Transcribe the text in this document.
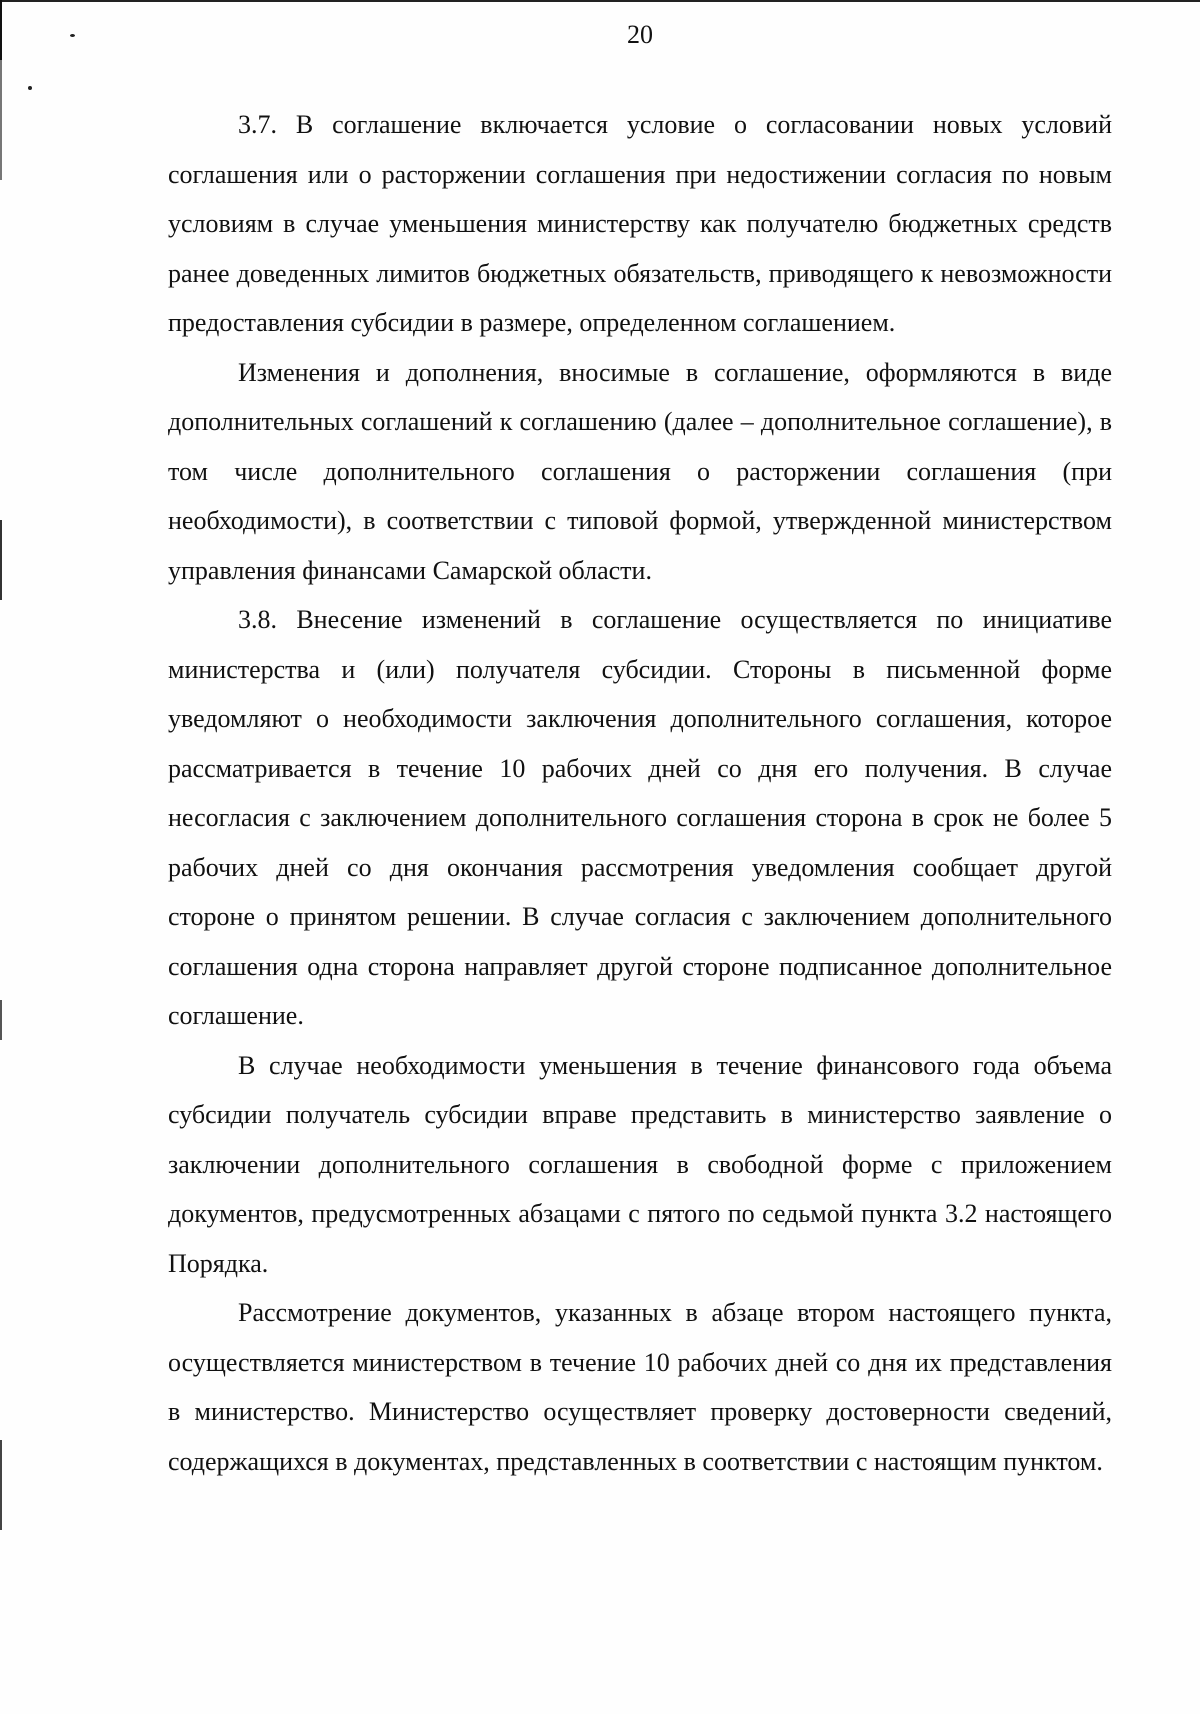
20

3.7. В соглашение включается условие о согласовании новых условий соглашения или о расторжении соглашения при недостижении согласия по новым условиям в случае уменьшения министерству как получателю бюджетных средств ранее доведенных лимитов бюджетных обязательств, приводящего к невозможности предоставления субсидии в размере, определенном соглашением.

Изменения и дополнения, вносимые в соглашение, оформляются в виде дополнительных соглашений к соглашению (далее – дополнительное соглашение), в том числе дополнительного соглашения о расторжении соглашения (при необходимости), в соответствии с типовой формой, утвержденной министерством управления финансами Самарской области.

3.8. Внесение изменений в соглашение осуществляется по инициативе министерства и (или) получателя субсидии. Стороны в письменной форме уведомляют о необходимости заключения дополнительного соглашения, которое рассматривается в течение 10 рабочих дней со дня его получения. В случае несогласия с заключением дополнительного соглашения сторона в срок не более 5 рабочих дней со дня окончания рассмотрения уведомления сообщает другой стороне о принятом решении. В случае согласия с заключением дополнительного соглашения одна сторона направляет другой стороне подписанное дополнительное соглашение.

В случае необходимости уменьшения в течение финансового года объема субсидии получатель субсидии вправе представить в министерство заявление о заключении дополнительного соглашения в свободной форме с приложением документов, предусмотренных абзацами с пятого по седьмой пункта 3.2 настоящего Порядка.

Рассмотрение документов, указанных в абзаце втором настоящего пункта, осуществляется министерством в течение 10 рабочих дней со дня их представления в министерство. Министерство осуществляет проверку достоверности сведений, содержащихся в документах, представленных в соответствии с настоящим пунктом.
